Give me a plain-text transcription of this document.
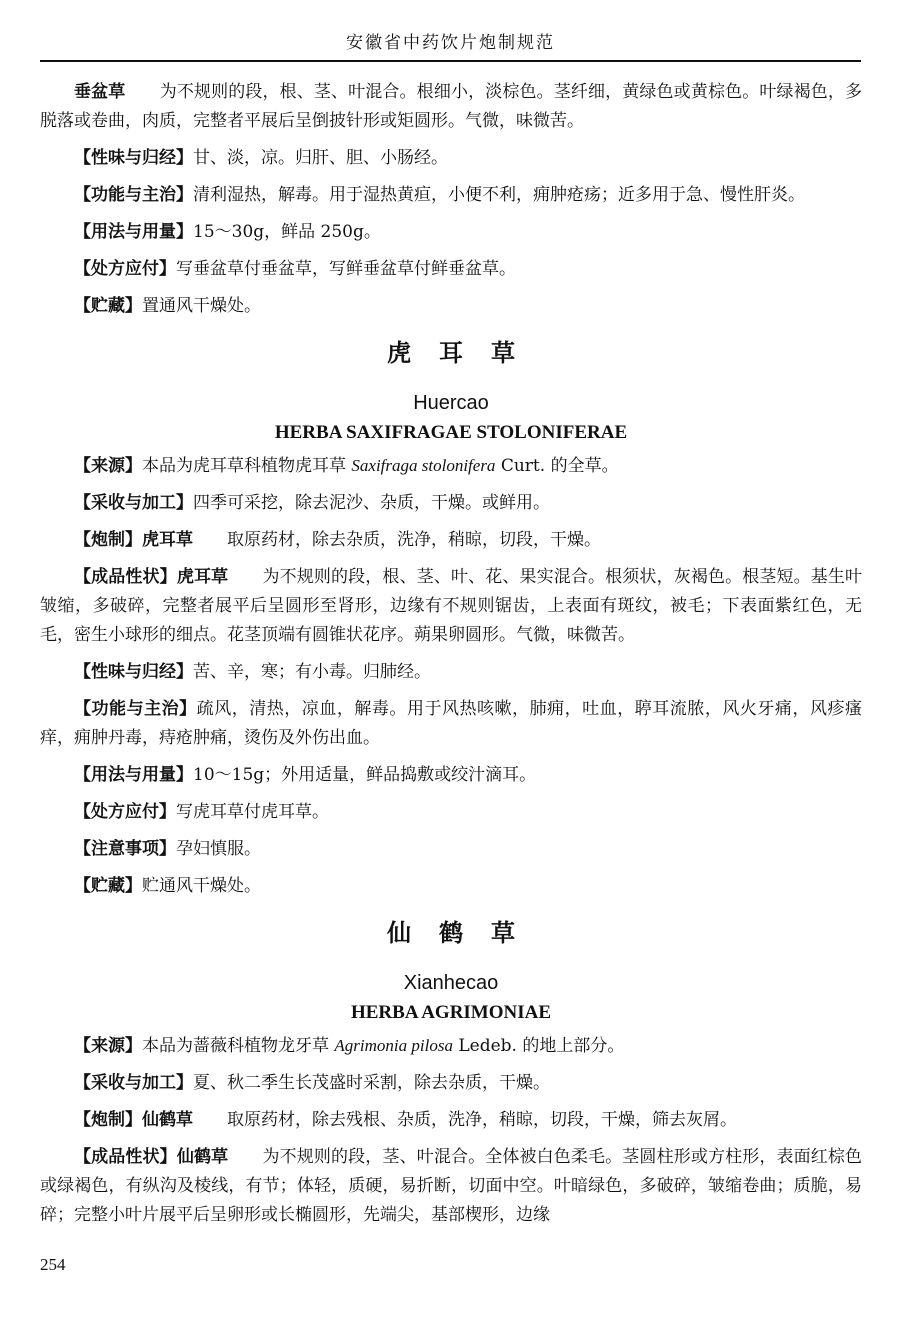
安徽省中药饮片炮制规范

垂盆草　　 为不规则的段，根、茎、叶混合。根细小，淡棕色。茎纤细，黄绿色或黄棕色。叶绿褐色，多脱落或卷曲，肉质，完整者平展后呈倒披针形或矩圆形。气微，味微苦。

【性味与归经】甘、淡，凉。归肝、胆、小肠经。

【功能与主治】清利湿热，解毒。用于湿热黄疸，小便不利，痈肿疮疡；近多用于急、慢性肝炎。

【用法与用量】15～30g，鲜品 250g。

【处方应付】写垂盆草付垂盆草，写鲜垂盆草付鲜垂盆草。

【贮藏】置通风干燥处。

虎耳草
Huercao
HERBA SAXIFRAGAE STOLONIFERAE

【来源】本品为虎耳草科植物虎耳草 Saxifraga stolonifera Curt. 的全草。

【采收与加工】四季可采挖，除去泥沙、杂质，干燥。或鲜用。

【炮制】虎耳草　　 取原药材，除去杂质，洗净，稍晾，切段，干燥。

【成品性状】虎耳草　　 为不规则的段，根、茎、叶、花、果实混合。根须状，灰褐色。根茎短。基生叶皱缩，多破碎，完整者展平后呈圆形至肾形，边缘有不规则锯齿，上表面有斑纹，被毛；下表面紫红色，无毛，密生小球形的细点。花茎顶端有圆锥状花序。蒴果卵圆形。气微，味微苦。

【性味与归经】苦、辛，寒；有小毒。归肺经。

【功能与主治】疏风，清热，凉血，解毒。用于风热咳嗽，肺痈，吐血，聤耳流脓，风火牙痛，风疹瘙痒，痈肿丹毒，痔疮肿痛，烫伤及外伤出血。

【用法与用量】10～15g；外用适量，鲜品捣敷或绞汁滴耳。

【处方应付】写虎耳草付虎耳草。

【注意事项】孕妇慎服。

【贮藏】贮通风干燥处。

仙鹤草
Xianhecao
HERBA AGRIMONIAE

【来源】本品为蔷薇科植物龙牙草 Agrimonia pilosa Ledeb. 的地上部分。

【采收与加工】夏、秋二季生长茂盛时采割，除去杂质，干燥。

【炮制】仙鹤草　　 取原药材，除去残根、杂质，洗净，稍晾，切段，干燥，筛去灰屑。

【成品性状】仙鹤草　　 为不规则的段，茎、叶混合。全体被白色柔毛。茎圆柱形或方柱形，表面红棕色或绿褐色，有纵沟及棱线，有节；体轻，质硬，易折断，切面中空。叶暗绿色，多破碎，皱缩卷曲；质脆，易碎；完整小叶片展平后呈卵形或长椭圆形，先端尖，基部楔形，边缘

254
